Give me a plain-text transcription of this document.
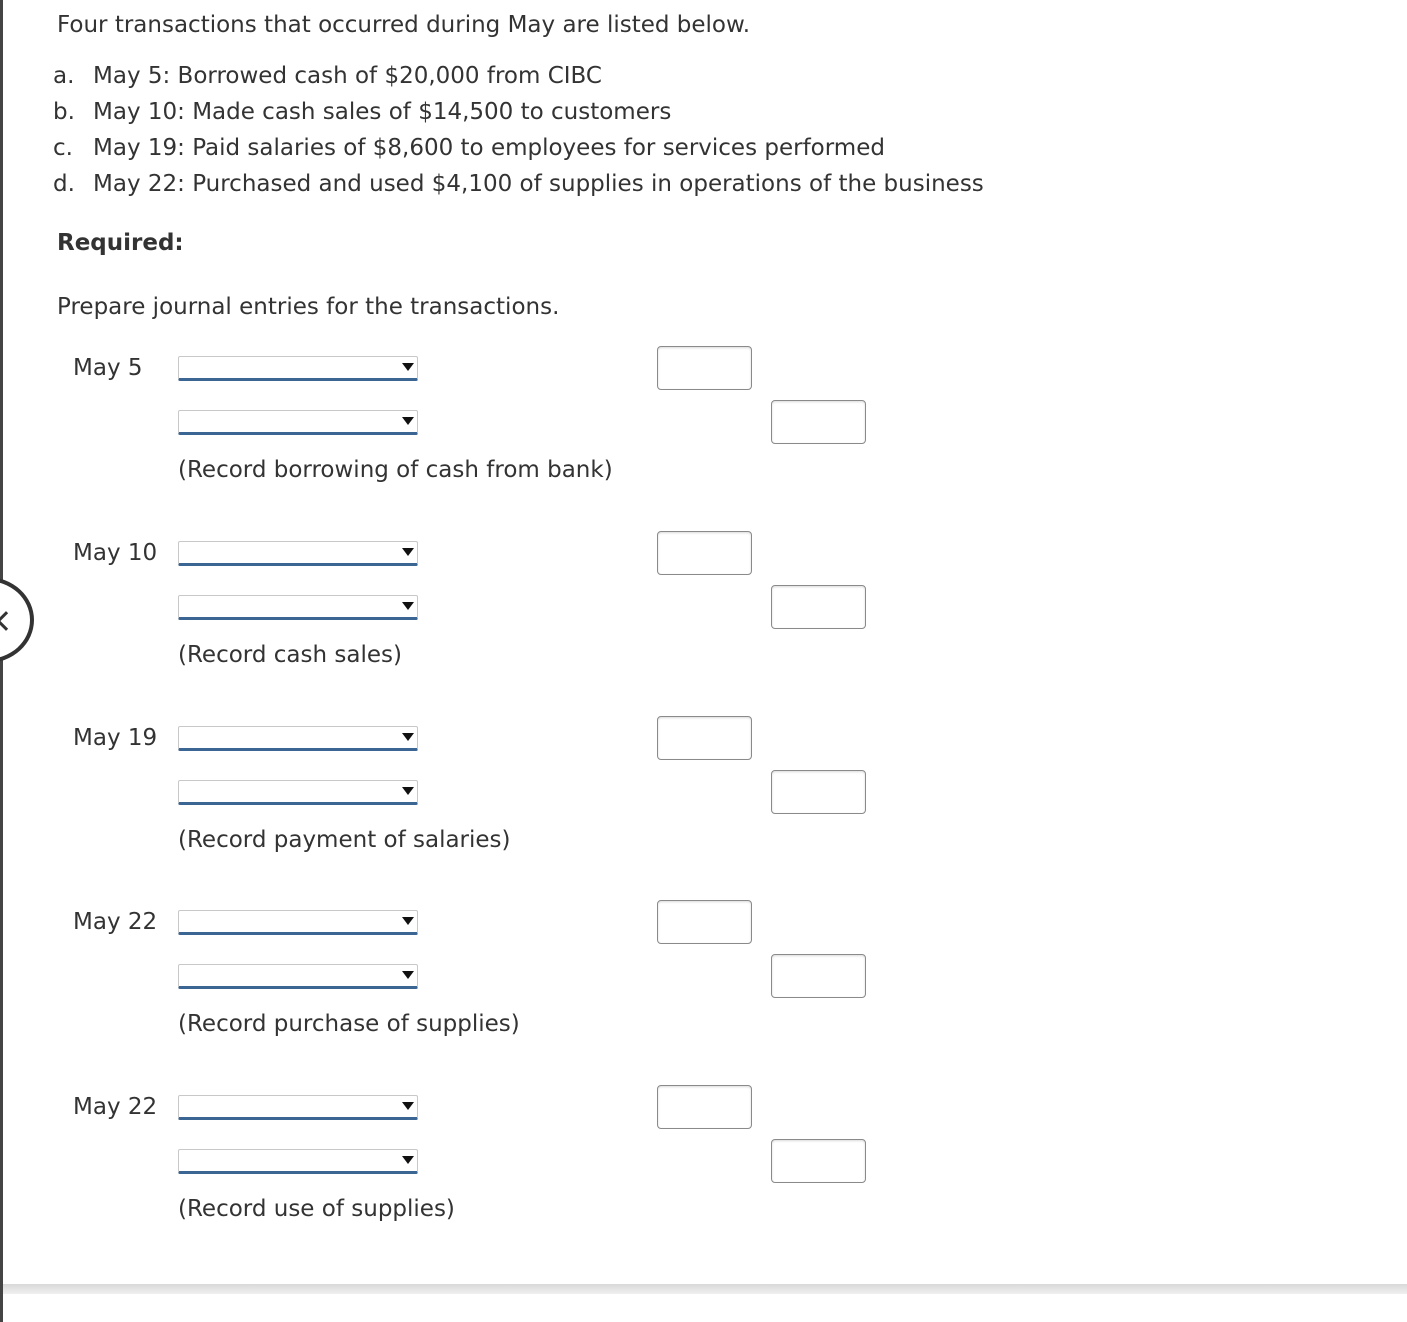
Four transactions that occurred during May are listed below.
a. May 5: Borrowed cash of $20,000 from CIBC
b. May 10: Made cash sales of $14,500 to customers
c. May 19: Paid salaries of $8,600 to employees for services performed
d. May 22: Purchased and used $4,100 of supplies in operations of the business
Required:
Prepare journal entries for the transactions.
May 5
(Record borrowing of cash from bank)
May 10
(Record cash sales)
May 19
(Record payment of salaries)
May 22
(Record purchase of supplies)
May 22
(Record use of supplies)
